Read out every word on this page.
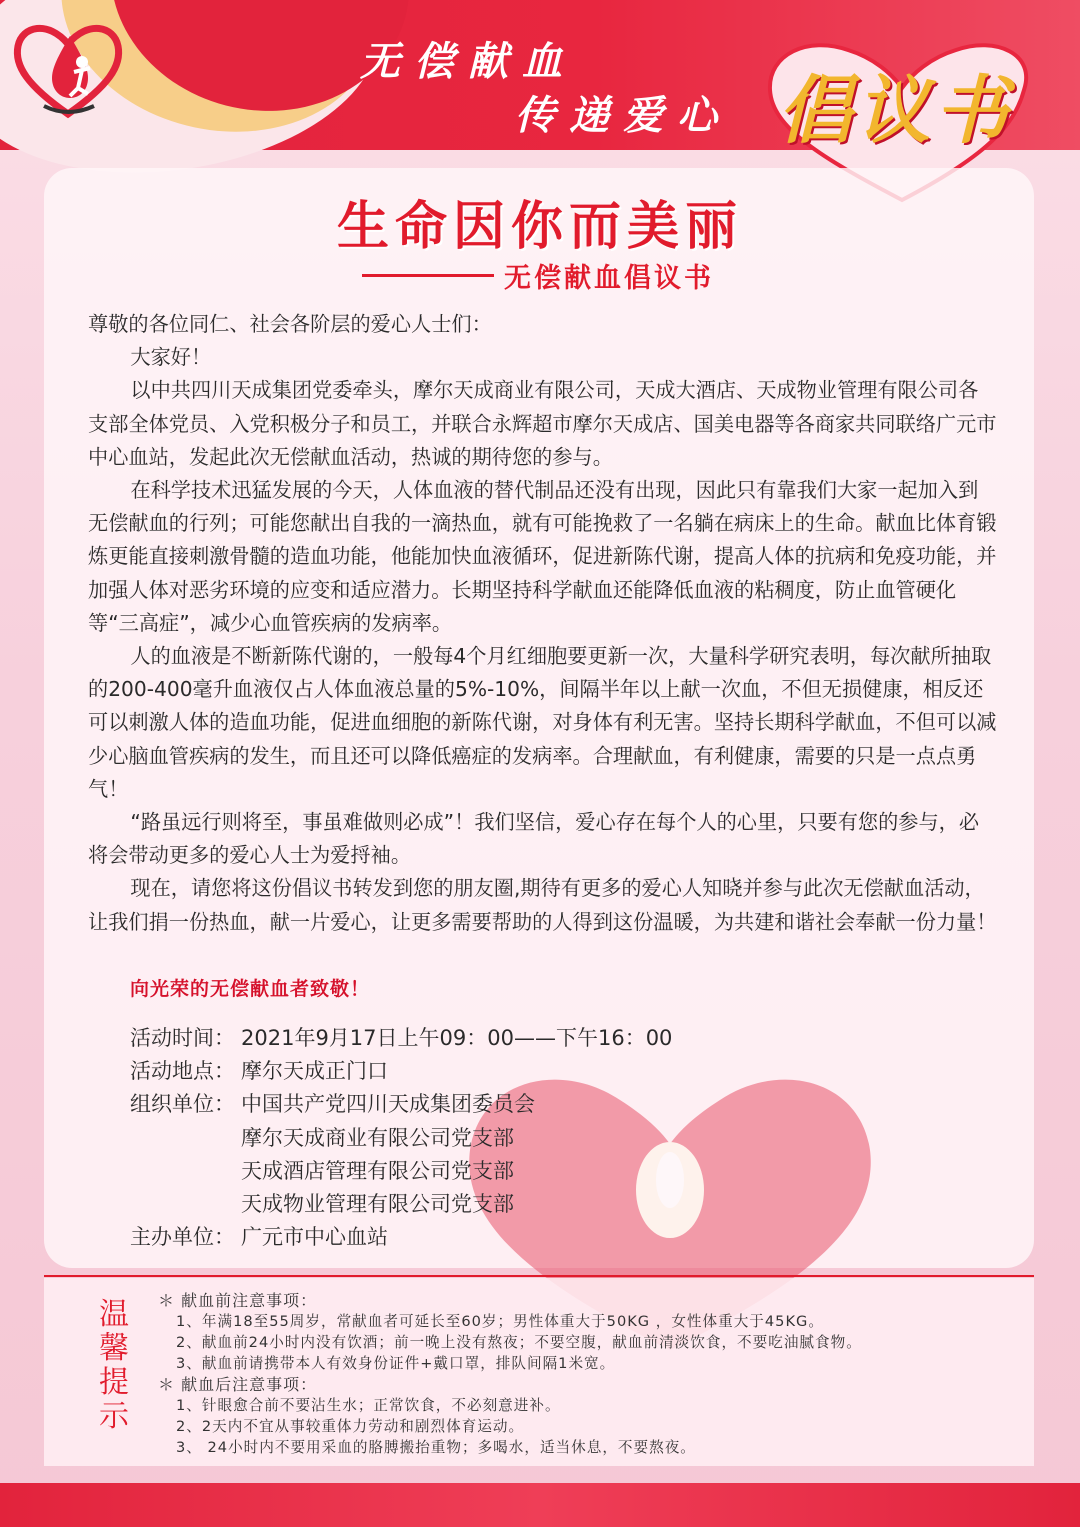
无偿献血
传递爱心 倡议书
生命因你而美丽
无偿献血倡议书

尊敬的各位同仁、社会各阶层的爱心人士们：

大家好！

以中共四川天成集团党委牵头，摩尔天成商业有限公司，天成大酒店、天成物业管理有限公司各支部全体党员、入党积极分子和员工，并联合永辉超市摩尔天成店、国美电器等各商家共同联络广元市中心血站，发起此次无偿献血活动，热诚的期待您的参与。

在科学技术迅猛发展的今天，人体血液的替代制品还没有出现，因此只有靠我们大家一起加入到无偿献血的行列；可能您献出自我的一滴热血，就有可能挽救了一名躺在病床上的生命。献血比体育锻炼更能直接刺激骨髓的造血功能，他能加快血液循环，促进新陈代谢，提高人体的抗病和免疫功能，并加强人体对恶劣环境的应变和适应潜力。长期坚持科学献血还能降低血液的粘稠度，防止血管硬化等“三高症”，减少心血管疾病的发病率。

人的血液是不断新陈代谢的，一般每4个月红细胞要更新一次，大量科学研究表明，每次献所抽取的200-400毫升血液仅占人体血液总量的5%-10%，间隔半年以上献一次血，不但无损健康，相反还可以刺激人体的造血功能，促进血细胞的新陈代谢，对身体有利无害。坚持长期科学献血，不但可以减少心脑血管疾病的发生，而且还可以降低癌症的发病率。合理献血，有利健康，需要的只是一点点勇气！

“路虽远行则将至，事虽难做则必成”！我们坚信，爱心存在每个人的心里，只要有您的参与，必将会带动更多的爱心人士为爱捋袖。

现在，请您将这份倡议书转发到您的朋友圈,期待有更多的爱心人知晓并参与此次无偿献血活动，让我们捐一份热血，献一片爱心，让更多需要帮助的人得到这份温暖，为共建和谐社会奉献一份力量！

向光荣的无偿献血者致敬！
活动时间： 2021年9月17日上午09：00——下午16：00
活动地点： 摩尔天成正门口
组织单位： 中国共产党四川天成集团委员会
摩尔天成商业有限公司党支部
天成酒店管理有限公司党支部
天成物业管理有限公司党支部
主办单位： 广元市中心血站
温
馨
提
示
＊ 献血前注意事项：
1、年满18至55周岁，常献血者可延长至60岁；男性体重大于50KG ，女性体重大于45KG。
2、献血前24小时内没有饮酒；前一晚上没有熬夜；不要空腹，献血前清淡饮食，不要吃油腻食物。
3、献血前请携带本人有效身份证件+戴口罩，排队间隔1米宽。
＊ 献血后注意事项：
1、针眼愈合前不要沾生水；正常饮食，不必刻意进补。
2、2天内不宜从事较重体力劳动和剧烈体育运动。
3、 24小时内不要用采血的胳膊搬抬重物；多喝水，适当休息，不要熬夜。
